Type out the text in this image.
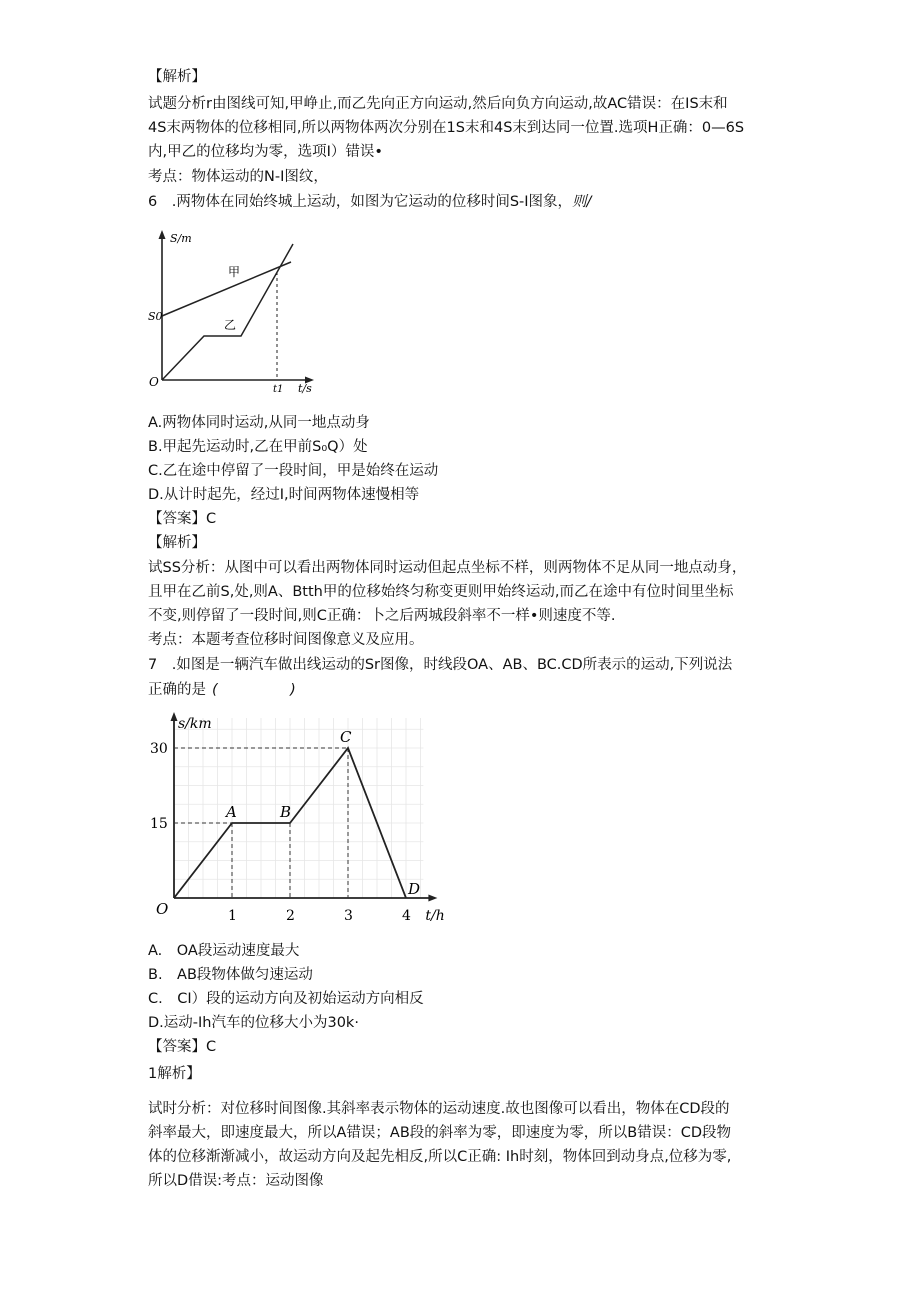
【解析】
试题分析r由图线可知,甲峥止,而乙先向正方向运动,然后向负方向运动,故AC错误：在IS末和
4S末两物体的位移相同,所以两物体两次分别在1S末和4S末到达同一位置.选项H正确：0—6S
内,甲乙的位移均为零，选项I）错误•
考点：物体运动的N-I图纹，
6　.两物体在同始终城上运动，如图为它运动的位移时间S-I图象，则/
S/m
t/s
O
S0
t1
甲
乙
A.两物体同时运动,从同一地点动身
B.甲起先运动时,乙在甲前S₀Q）处
C.乙在途中停留了一段时间，甲是始终在运动
D.从计时起先，经过I,时间两物体速慢相等
【答案】C
【解析】
试SS分析：从图中可以看出两物体同时运动但起点坐标不样，则两物体不足从同一地点动身，
且甲在乙前S,处,则A、Btth甲的位移始终匀称变更则甲始终运动,而乙在途中有位时间里坐标
不变,则停留了一段时间,则C正确：卜之后两城段斜率不一样•则速度不等.
考点：本题考查位移时间图像意义及应用。
7　.如图是一辆汽车做出线运动的Sr图像，时线段OA、AB、BC.CD所表示的运动,下列说法
正确的是 (　　　　　)
O
A	B
C
D
1	2	3	4
15
30
s/km
t/h
A.　OA段运动速度最大
B.　AB段物体做匀速运动
C.　CI）段的运动方向及初始运动方向相反
D.运动-Ih汽车的位移大小为30k·
【答案】C
1解析】
试时分析：对位移时间图像.其斜率表示物体的运动速度.故也图像可以看出，物体在CD段的
斜率最大，即速度最大，所以A错误；AB段的斜率为零，即速度为零，所以B错误：CD段物
体的位移渐渐减小，故运动方向及起先相反,所以C正确: Ih时刻，物体回到动身点,位移为零,
所以D借误:考点：运动图像
